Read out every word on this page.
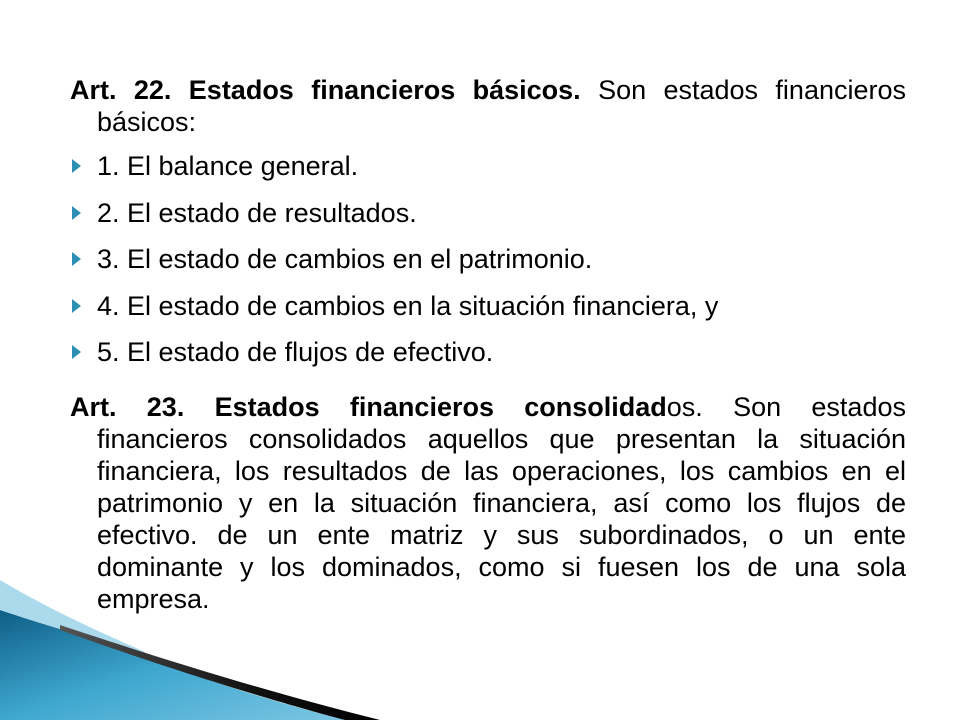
Art. 22. Estados financieros básicos. Son estados financieros básicos:

1. El balance general.
2. El estado de resultados.
3. El estado de cambios en el patrimonio.
4. El estado de cambios en la situación financiera, y
5. El estado de flujos de efectivo.

Art. 23. Estados financieros consolidados. Son estados financieros consolidados aquellos que presentan la situación financiera, los resultados de las operaciones, los cambios en el patrimonio y en la situación financiera, así como los flujos de efectivo. de un ente matriz y sus subordinados, o un ente dominante y los dominados, como si fuesen los de una sola empresa.
